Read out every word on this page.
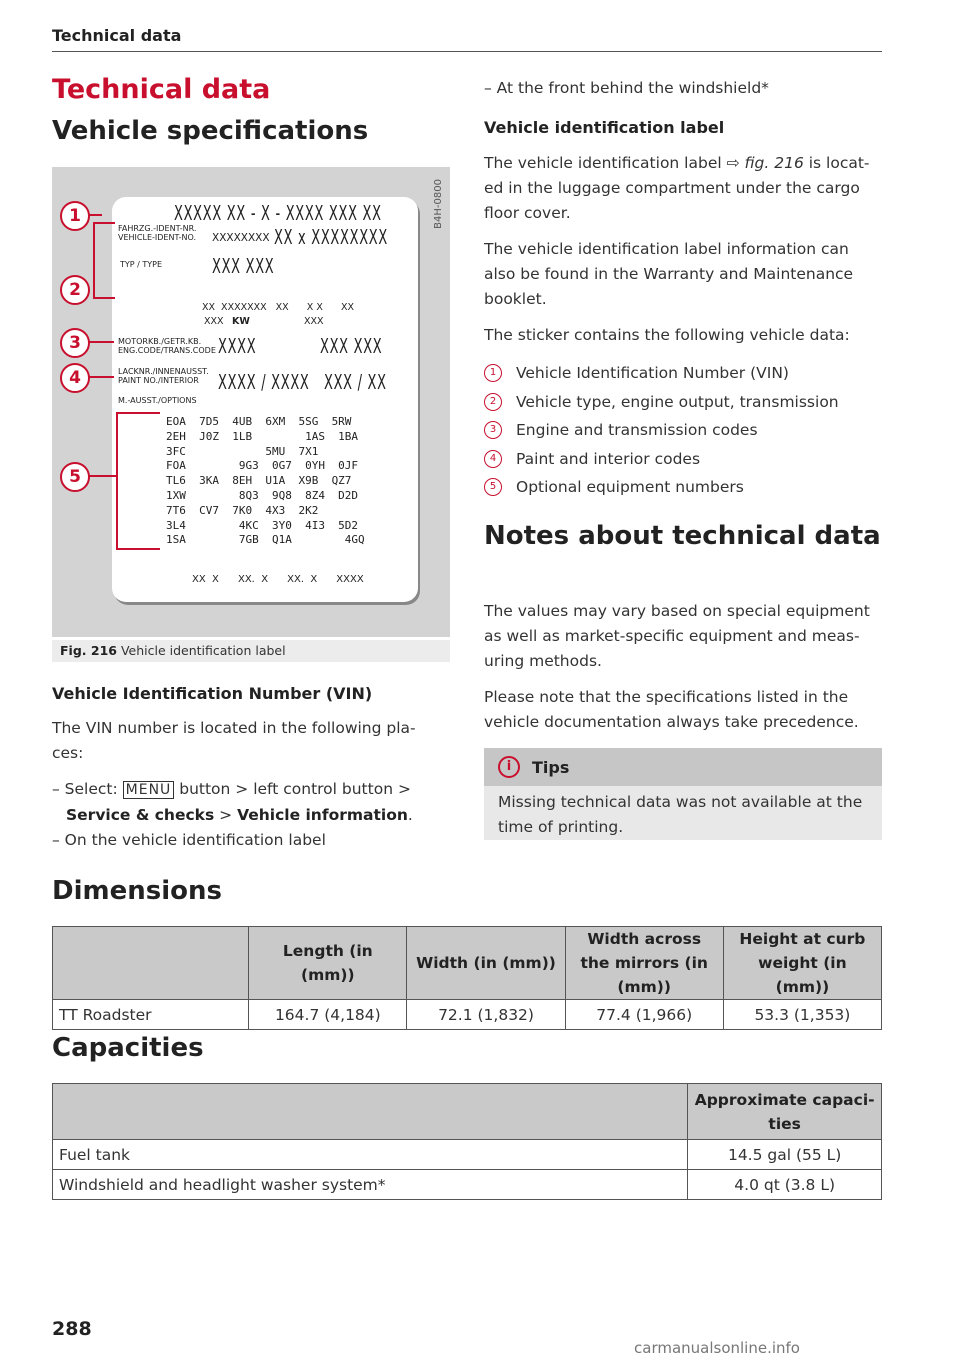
Technical data
Technical data
Vehicle specifications
B4H-0800
1
2
3
4
5
XXXXX XX - X - XXXX XXX XX
FAHRZG.-IDENT-NR.
VEHICLE-IDENT-NO. XXXXXXXX XX x XXXXXXXX
TYP / TYPE XXX XXX
XX  XXXXXXX   XX      X X      XX
XXX KW	XXX
MOTORKB./GETR.KB.
ENG.CODE/TRANS.CODE XXXX	XXX XXX
LACKNR./INNENAUSST.
PAINT NO./INTERIOR XXXX / XXXX   XXX / XX
M.-AUSST./OPTIONS
EOA  7D5  4UB  6XM  5SG  5RW
2EH  J0Z  1LB        1AS  1BA
3FC            5MU  7X1
FOA        9G3  0G7  0YH  0JF
TL6  3KA  8EH  U1A  X9B  QZ7
1XW        8Q3  9Q8  8Z4  D2D
7T6  CV7  7K0  4X3  2K2
3L4        4KC  3Y0  4I3  5D2
1SA        7GB  Q1A        4GQ
XX  X      XX.  X      XX.  X      XXXX
Fig. 216 Vehicle identification label
Vehicle Identification Number (VIN)
The VIN number is located in the following pla-ces:
– Select: MENU button > left control button >
Service & checks > Vehicle information.
– On the vehicle identification label
– At the front behind the windshield*
Vehicle identification label
The vehicle identification label ⇨ fig. 216 is locat-ed in the luggage compartment under the cargo floor cover.
The vehicle identification label information can also be found in the Warranty and Maintenance booklet.
The sticker contains the following vehicle data:
1	Vehicle Identification Number (VIN)
2	Vehicle type, engine output, transmission
3	Engine and transmission codes
4	Paint and interior codes
5	Optional equipment numbers
Notes about technical data
The values may vary based on special equipment as well as market-specific equipment and meas-uring methods.
Please note that the specifications listed in the vehicle documentation always take precedence.
i	Tips
Missing technical data was not available at the time of printing.
Dimensions
	Length (in (mm))	Width (in (mm))	Width across the mirrors (in (mm))	Height at curb weight (in (mm))
TT Roadster	164.7 (4,184)	72.1 (1,832)	77.4 (1,966)	53.3 (1,353)
Capacities
	Approximate capaci-ties
Fuel tank	14.5 gal (55 L)
Windshield and headlight washer system*	4.0 qt (3.8 L)
288
carmanualsonline.info
